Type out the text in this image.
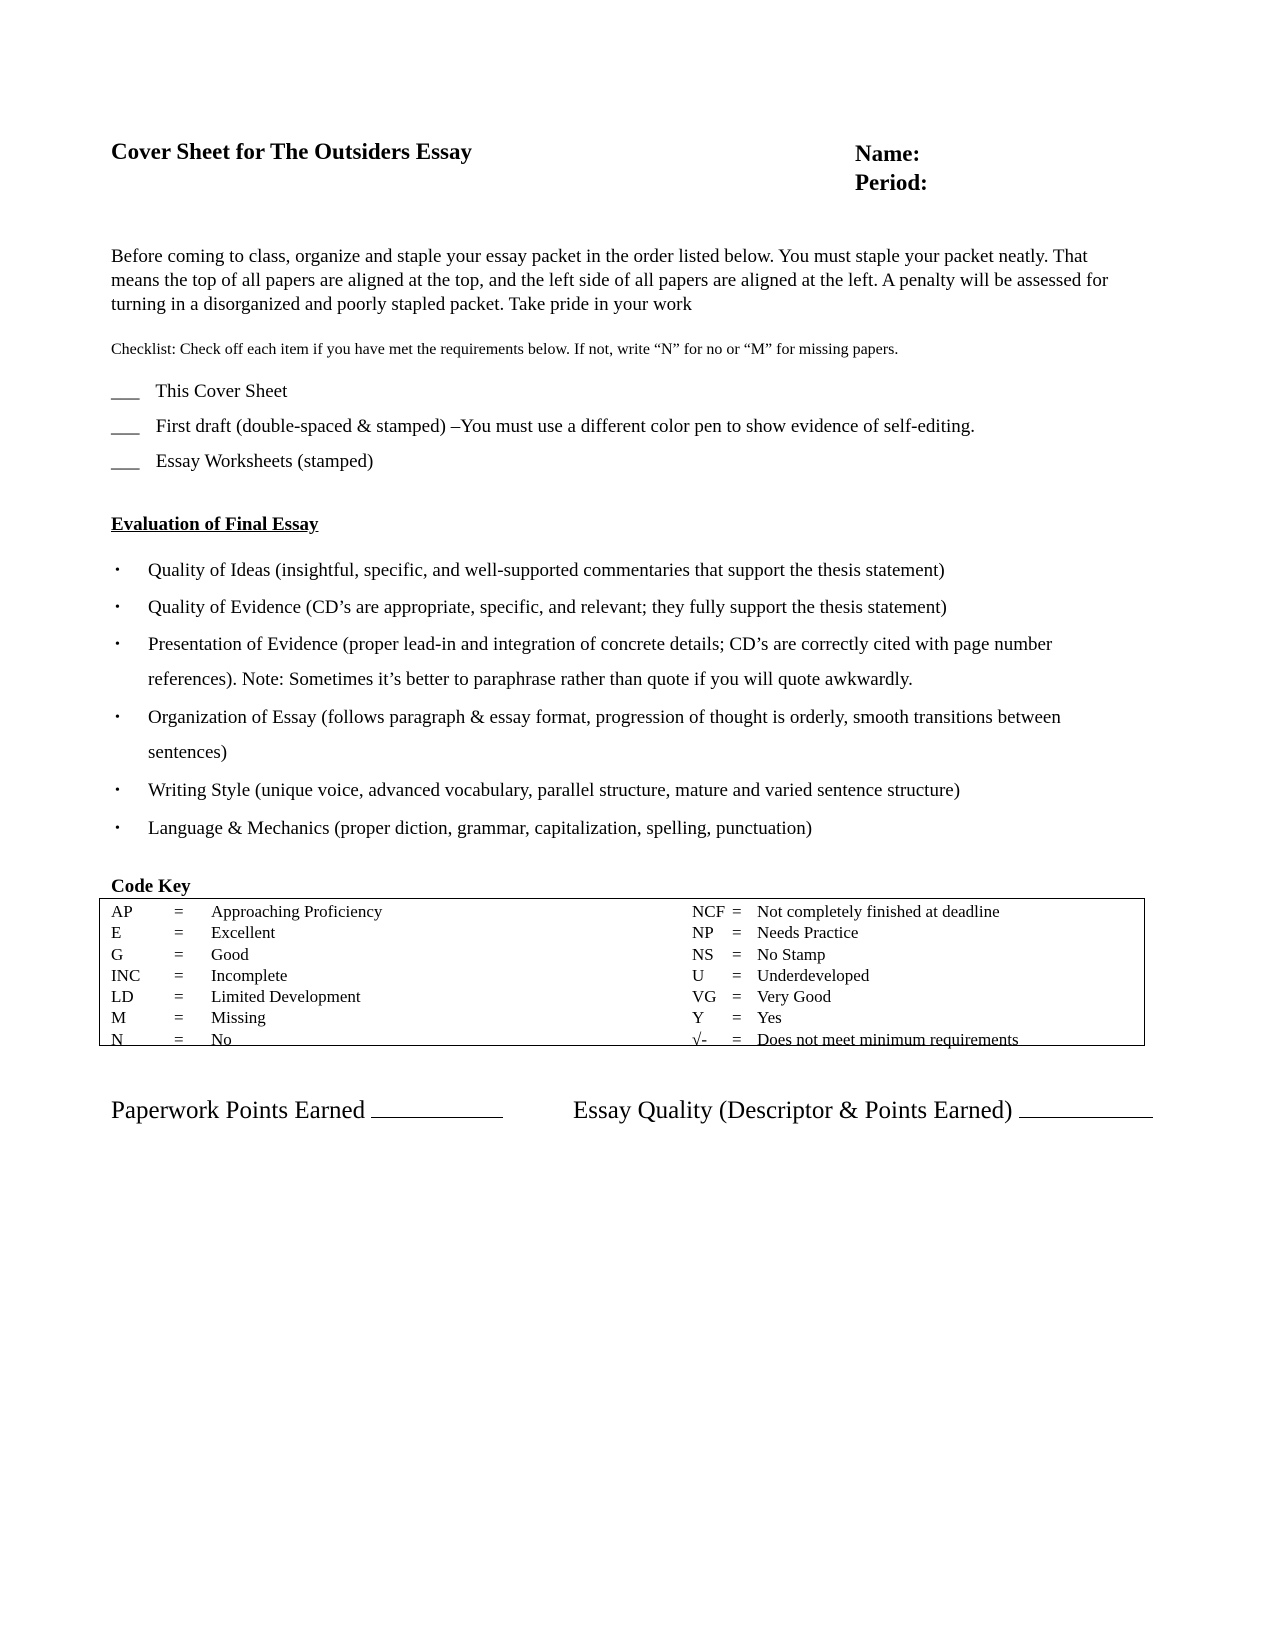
Cover Sheet for The Outsiders Essay	Name:
Period:

Before coming to class, organize and staple your essay packet in the order listed below. You must staple your packet neatly. That

means the top of all papers are aligned at the top, and the left side of all papers are aligned at the left. A penalty will be assessed for

turning in a disorganized and poorly stapled packet. Take pride in your work

Checklist: Check off each item if you have met the requirements below. If not, write “N” for no or “M” for missing papers.
___ This Cover Sheet
___ First draft (double-spaced & stamped) –You must use a different color pen to show evidence of self-editing.
___ Essay Worksheets (stamped)
Evaluation of Final Essay
• Quality of Ideas (insightful, specific, and well-supported commentaries that support the thesis statement)
• Quality of Evidence (CD’s are appropriate, specific, and relevant; they fully support the thesis statement)
• Presentation of Evidence (proper lead-in and integration of concrete details; CD’s are correctly cited with page number
references). Note: Sometimes it’s better to paraphrase rather than quote if you will quote awkwardly.
• Organization of Essay (follows paragraph & essay format, progression of thought is orderly, smooth transitions between
sentences)
• Writing Style (unique voice, advanced vocabulary, parallel structure, mature and varied sentence structure)
• Language & Mechanics (proper diction, grammar, capitalization, spelling, punctuation)
Code Key
AP = Approaching Proficiency
E	= Excellent
G	= Good
INC = Incomplete
LD = Limited Development
M	= Missing
N	= No
NCF = Not completely finished at deadline
NP = Needs Practice
NS = No Stamp
U = Underdeveloped
VG = Very Good
Y = Yes
√- = Does not meet minimum requirements
Paperwork Points Earned	Essay Quality (Descriptor & Points Earned)
